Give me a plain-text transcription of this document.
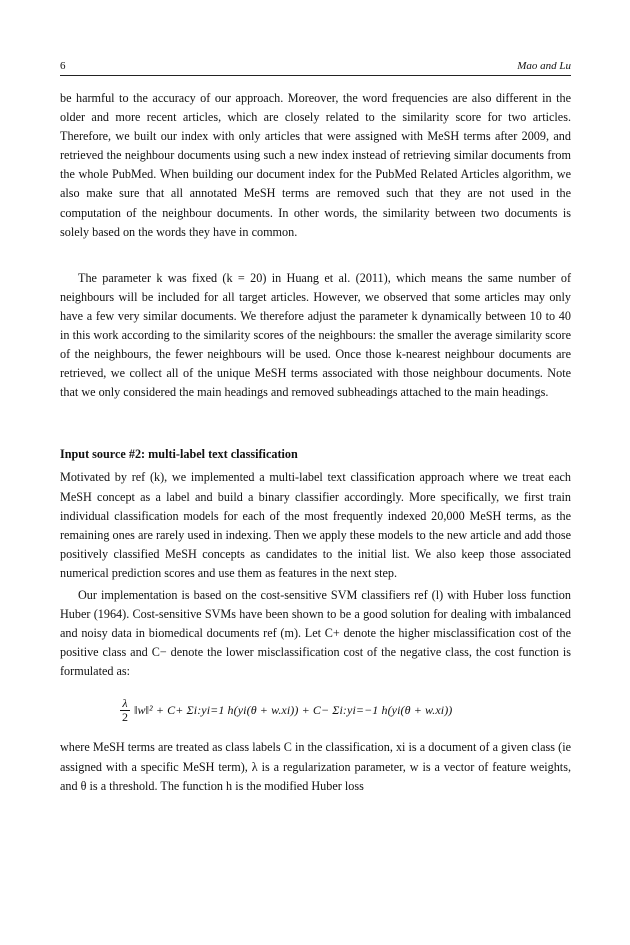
6	Mao and Lu

be harmful to the accuracy of our approach. Moreover, the word frequencies are also different in the older and more recent articles, which are closely related to the similarity score for two articles. Therefore, we built our index with only articles that were assigned with MeSH terms after 2009, and retrieved the neighbour documents using such a new index instead of retrieving similar documents from the whole PubMed. When building our document index for the PubMed Related Articles algorithm, we also make sure that all annotated MeSH terms are removed such that they are not used in the computation of the neighbour documents. In other words, the similarity between two documents is solely based on the words they have in common.

The parameter k was fixed (k = 20) in Huang et al. (2011), which means the same number of neighbours will be included for all target articles. However, we observed that some articles may only have a few very similar documents. We therefore adjust the parameter k dynamically between 10 to 40 in this work according to the similarity scores of the neighbours: the smaller the average similarity score of the neighbours, the fewer neighbours will be used. Once those k-nearest neighbour documents are retrieved, we collect all of the unique MeSH terms associated with those neighbour documents. Note that we only considered the main headings and removed subheadings attached to the main headings.

Input source #2: multi-label text classification

Motivated by ref (k), we implemented a multi-label text classification approach where we treat each MeSH concept as a label and build a binary classifier accordingly. More specifically, we first train individual classification models for each of the most frequently indexed 20,000 MeSH terms, as the remaining ones are rarely used in indexing. Then we apply these models to the new article and add those positively classified MeSH concepts as candidates to the initial list. We also keep those associated numerical prediction scores and use them as features in the next step.

Our implementation is based on the cost-sensitive SVM classifiers ref (l) with Huber loss function Huber (1964). Cost-sensitive SVMs have been shown to be a good solution for dealing with imbalanced and noisy data in biomedical documents ref (m). Let C+ denote the higher misclassification cost of the positive class and C− denote the lower misclassification cost of the negative class, the cost function is formulated as:

$\frac{\lambda}{2}$ ‖w‖² + C+ Σi:yi=1 h(yi(θ + w.xi)) + C− Σi:yi=−1 h(yi(θ + w.xi))

where MeSH terms are treated as class labels C in the classification, xi is a document of a given class (ie assigned with a specific MeSH term), λ is a regularization parameter, w is a vector of feature weights, and θ is a threshold. The function h is the modified Huber loss
